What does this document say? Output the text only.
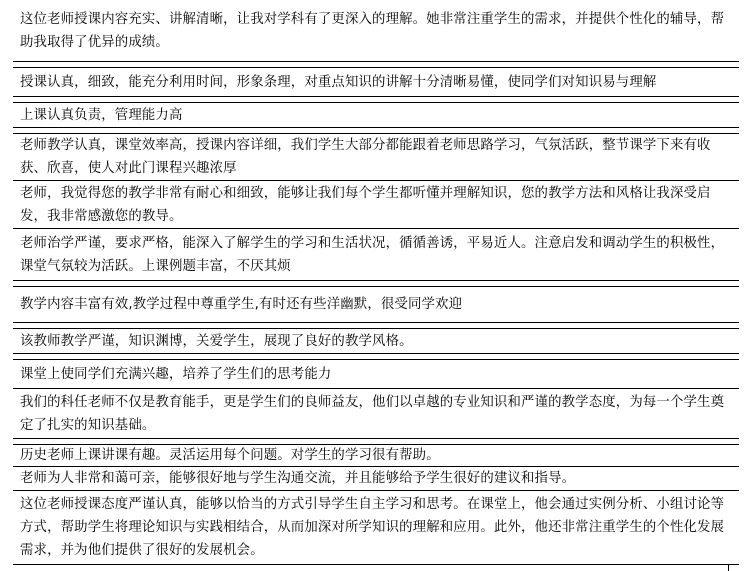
这位老师授课内容充实、讲解清晰，让我对学科有了更深入的理解。她非常注重学生的需求，并提供个性化的辅导，帮助我取得了优异的成绩。
授课认真，细致，能充分利用时间，形象条理，对重点知识的讲解十分清晰易懂，使同学们对知识易与理解
上课认真负责，管理能力高
老师教学认真，课堂效率高，授课内容详细，我们学生大部分都能跟着老师思路学习，气氛活跃，整节课学下来有收获、欣喜，使人对此门课程兴趣浓厚
老师，我觉得您的教学非常有耐心和细致，能够让我们每个学生都听懂并理解知识，您的教学方法和风格让我深受启发，我非常感激您的教导。
老师治学严谨，要求严格，能深入了解学生的学习和生活状况，循循善诱，平易近人。注意启发和调动学生的积极性，课堂气氛较为活跃。上课例题丰富，不厌其烦
教学内容丰富有效,教学过程中尊重学生,有时还有些洋幽默，很受同学欢迎
该教师教学严谨，知识渊博，关爱学生，展现了良好的教学风格。
课堂上使同学们充满兴趣，培养了学生们的思考能力
我们的科任老师不仅是教育能手，更是学生们的良师益友，他们以卓越的专业知识和严谨的教学态度，为每一个学生奠定了扎实的知识基础。
历史老师上课讲课有趣。灵活运用每个问题。对学生的学习很有帮助。
老师为人非常和蔼可亲，能够很好地与学生沟通交流，并且能够给予学生很好的建议和指导。
这位老师授课态度严谨认真，能够以恰当的方式引导学生自主学习和思考。在课堂上，他会通过实例分析、小组讨论等方式，帮助学生将理论知识与实践相结合，从而加深对所学知识的理解和应用。此外，他还非常注重学生的个性化发展需求，并为他们提供了很好的发展机会。
